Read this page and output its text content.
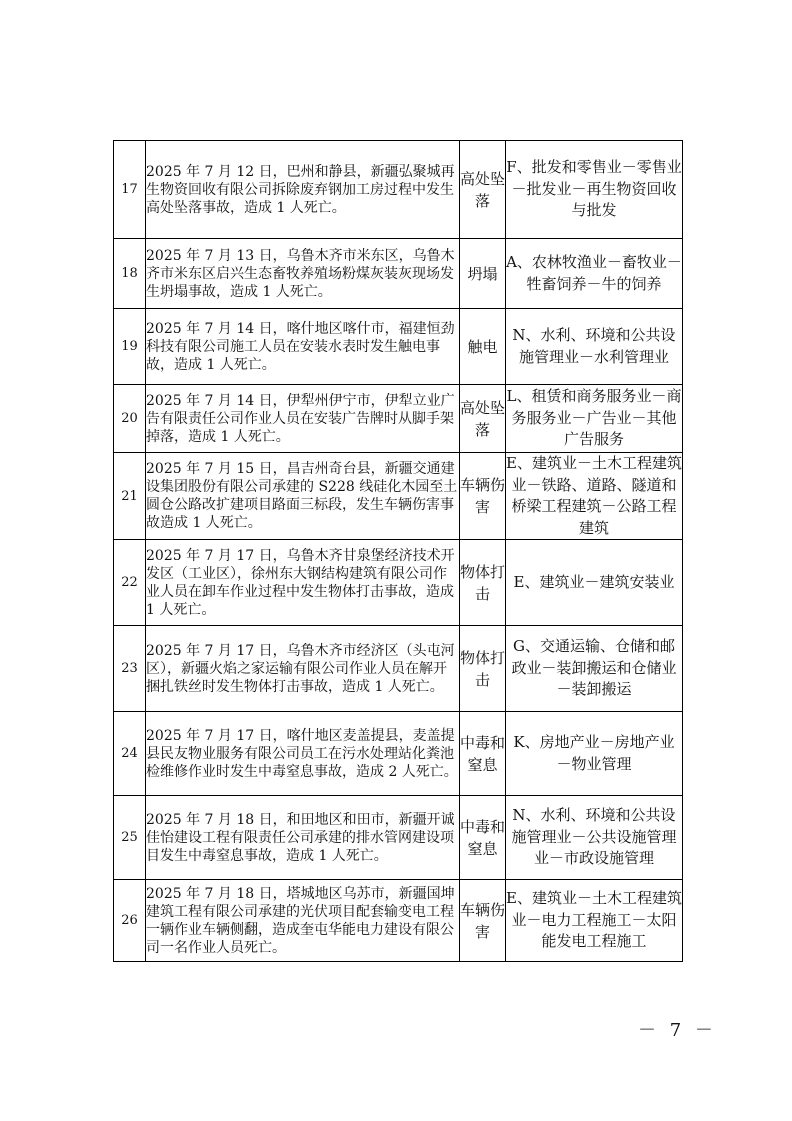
17	2025 年 7 月 12 日，巴州和静县，新疆弘聚城再生物资回收有限公司拆除废弃钢加工房过程中发生高处坠落事故，造成 1 人死亡。	高处坠落	F、批发和零售业－零售业－批发业－再生物资回收与批发
18	2025 年 7 月 13 日，乌鲁木齐市米东区，乌鲁木齐市米东区启兴生态畜牧养殖场粉煤灰装灰现场发生坍塌事故，造成 1 人死亡。	坍塌	A、农林牧渔业－畜牧业－牲畜饲养－牛的饲养
19	2025 年 7 月 14 日，喀什地区喀什市，福建恒劲科技有限公司施工人员在安装水表时发生触电事故，造成 1 人死亡。	触电	N、水利、环境和公共设施管理业－水利管理业
20	2025 年 7 月 14 日，伊犁州伊宁市，伊犁立业广告有限责任公司作业人员在安装广告牌时从脚手架掉落，造成 1 人死亡。	高处坠落	L、租赁和商务服务业－商务服务业－广告业－其他广告服务
21	2025 年 7 月 15 日，昌吉州奇台县，新疆交通建设集团股份有限公司承建的 S228 线硅化木园至土圆仓公路改扩建项目路面三标段，发生车辆伤害事故造成 1 人死亡。	车辆伤害	E、建筑业－土木工程建筑业－铁路、道路、隧道和桥梁工程建筑－公路工程建筑
22	2025 年 7 月 17 日，乌鲁木齐甘泉堡经济技术开发区（工业区），徐州东大钢结构建筑有限公司作业人员在卸车作业过程中发生物体打击事故，造成 1 人死亡。	物体打击	E、建筑业－建筑安装业
23	2025 年 7 月 17 日，乌鲁木齐市经济区（头屯河区），新疆火焰之家运输有限公司作业人员在解开捆扎铁丝时发生物体打击事故，造成 1 人死亡。	物体打击	G、交通运输、仓储和邮政业－装卸搬运和仓储业－装卸搬运
24	2025 年 7 月 17 日，喀什地区麦盖提县，麦盖提县民友物业服务有限公司员工在污水处理站化粪池检维修作业时发生中毒窒息事故，造成 2 人死亡。	中毒和窒息	K、房地产业－房地产业－物业管理
25	2025 年 7 月 18 日，和田地区和田市，新疆开诚佳怡建设工程有限责任公司承建的排水管网建设项目发生中毒窒息事故，造成 1 人死亡。	中毒和窒息	N、水利、环境和公共设施管理业－公共设施管理业－市政设施管理
26	2025 年 7 月 18 日，塔城地区乌苏市，新疆国坤建筑工程有限公司承建的光伏项目配套输变电工程一辆作业车辆侧翻，造成奎屯华能电力建设有限公司一名作业人员死亡。	车辆伤害	E、建筑业－土木工程建筑业－电力工程施工－太阳能发电工程施工
－ 7 －
